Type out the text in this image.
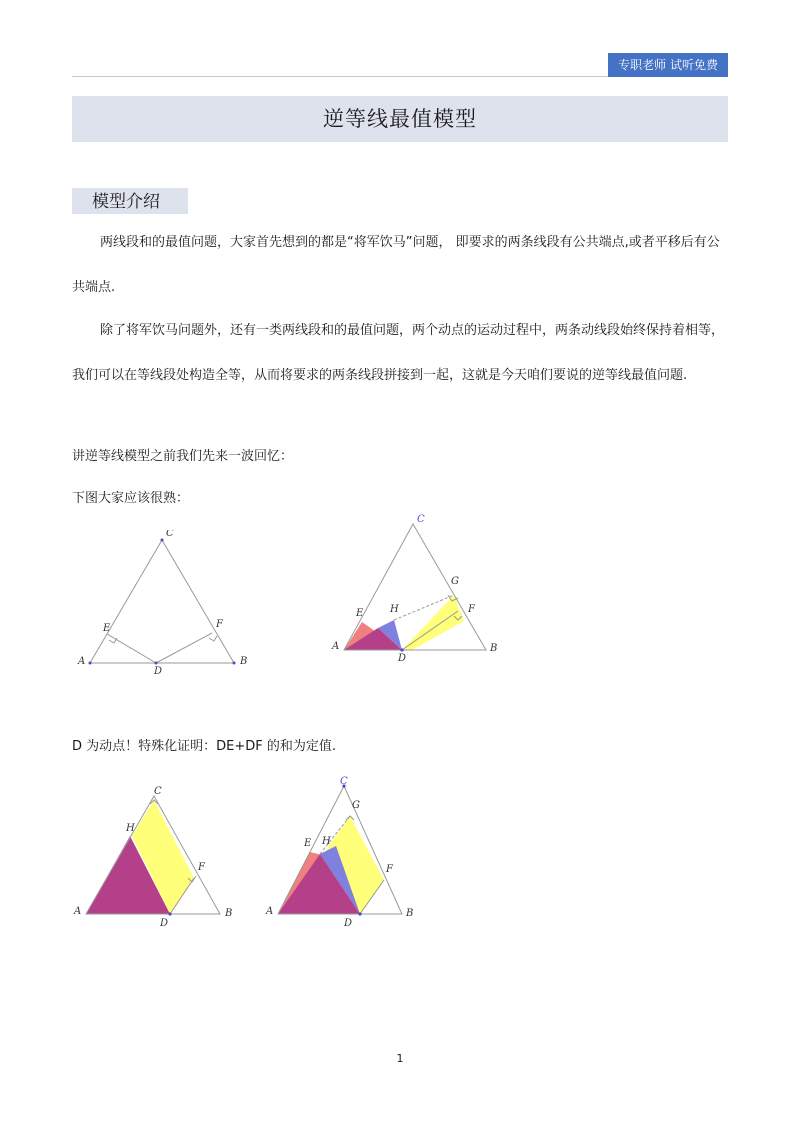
专职老师 试听免费
逆等线最值模型
模型介绍

两线段和的最值问题，大家首先想到的都是“将军饮马”问题， 即要求的两条线段有公共端点,或者平移后有公共端点.

除了将军饮马问题外，还有一类两线段和的最值问题，两个动点的运动过程中，两条动线段始终保持着相等，我们可以在等线段处构造全等，从而将要求的两条线段拼接到一起，这就是今天咱们要说的逆等线最值问题.

讲逆等线模型之前我们先来一波回忆：

下图大家应该很熟：

A	B
C
D
E	F
A	B
C
D
E	F
G
H

D 为动点！特殊化证明：DE+DF 的和为定值.

A	B
C
D
H
F
A	B
C
D
E H
G
F
1
